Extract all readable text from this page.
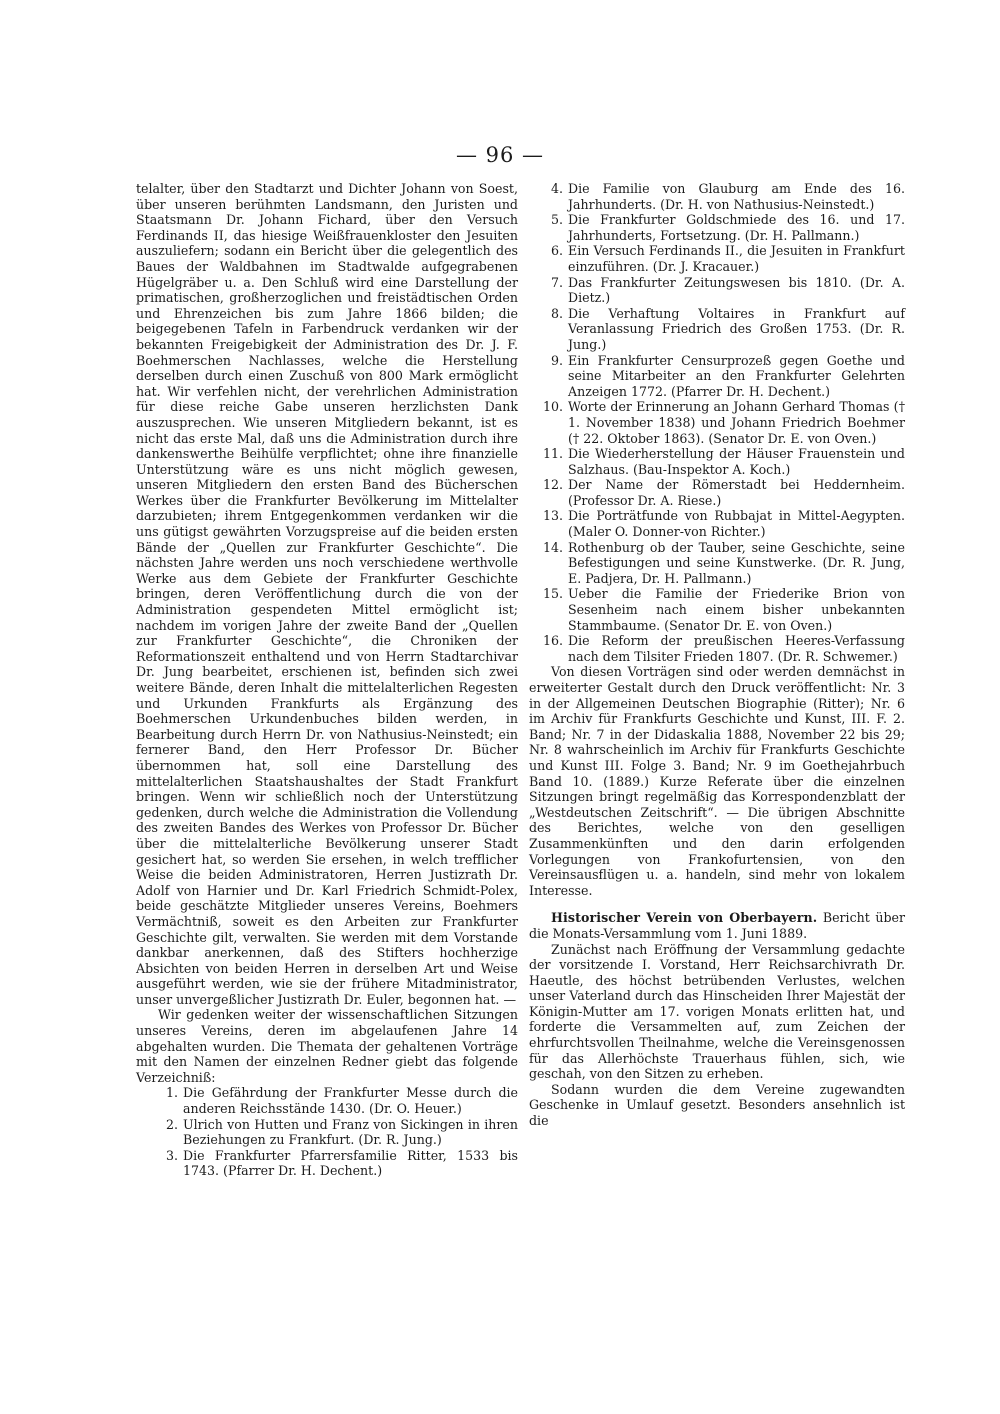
— 96 —

telalter, über den Stadtarzt und Dichter Johann von Soest, über unseren berühmten Landsmann, den Juristen und Staatsmann Dr. Johann Fichard, über den Versuch Ferdinands II, das hiesige Weißfrauenkloster den Jesuiten auszuliefern; sodann ein Bericht über die gelegentlich des Baues der Waldbahnen im Stadtwalde aufgegrabenen Hügelgräber u. a. Den Schluß wird eine Darstellung der primatischen, großherzoglichen und freistädtischen Orden und Ehrenzeichen bis zum Jahre 1866 bilden; die beigegebenen Tafeln in Farbendruck verdanken wir der bekannten Freigebigkeit der Administration des Dr. J. F. Boehmerschen Nachlasses, welche die Herstellung derselben durch einen Zuschuß von 800 Mark ermöglicht hat. Wir verfehlen nicht, der verehrlichen Administration für diese reiche Gabe unseren herzlichsten Dank auszusprechen. Wie unseren Mitgliedern bekannt, ist es nicht das erste Mal, daß uns die Administration durch ihre dankenswerthe Beihülfe verpflichtet; ohne ihre finanzielle Unterstützung wäre es uns nicht möglich gewesen, unseren Mitgliedern den ersten Band des Bücherschen Werkes über die Frankfurter Bevölkerung im Mittelalter darzubieten; ihrem Entgegenkommen verdanken wir die uns gütigst gewährten Vorzugspreise auf die beiden ersten Bände der „Quellen zur Frankfurter Geschichte“. Die nächsten Jahre werden uns noch verschiedene werthvolle Werke aus dem Gebiete der Frankfurter Geschichte bringen, deren Veröffentlichung durch die von der Administration gespendeten Mittel ermöglicht ist; nachdem im vorigen Jahre der zweite Band der „Quellen zur Frankfurter Geschichte“, die Chroniken der Reformationszeit enthaltend und von Herrn Stadtarchivar Dr. Jung bearbeitet, erschienen ist, befinden sich zwei weitere Bände, deren Inhalt die mittelalterlichen Regesten und Urkunden Frankfurts als Ergänzung des Boehmerschen Urkundenbuches bilden werden, in Bearbeitung durch Herrn Dr. von Nathusius-Neinstedt; ein fernerer Band, den Herr Professor Dr. Bücher übernommen hat, soll eine Darstellung des mittelalterlichen Staatshaushaltes der Stadt Frankfurt bringen. Wenn wir schließlich noch der Unterstützung gedenken, durch welche die Administration die Vollendung des zweiten Bandes des Werkes von Professor Dr. Bücher über die mittelalterliche Bevölkerung unserer Stadt gesichert hat, so werden Sie ersehen, in welch trefflicher Weise die beiden Administratoren, Herren Justizrath Dr. Adolf von Harnier und Dr. Karl Friedrich Schmidt-Polex, beide geschätzte Mitglieder unseres Vereins, Boehmers Vermächtniß, soweit es den Arbeiten zur Frankfurter Geschichte gilt, verwalten. Sie werden mit dem Vorstande dankbar anerkennen, daß des Stifters hochherzige Absichten von beiden Herren in derselben Art und Weise ausgeführt werden, wie sie der frühere Mitadministrator, unser unvergeßlicher Justizrath Dr. Euler, begonnen hat. —

Wir gedenken weiter der wissenschaftlichen Sitzungen unseres Vereins, deren im abgelaufenen Jahre 14 abgehalten wurden. Die Themata der gehaltenen Vorträge mit den Namen der einzelnen Redner giebt das folgende Verzeichniß:

1. Die Gefährdung der Frankfurter Messe durch die anderen Reichsstände 1430. (Dr. O. Heuer.)
2. Ulrich von Hutten und Franz von Sickingen in ihren Beziehungen zu Frankfurt. (Dr. R. Jung.)
3. Die Frankfurter Pfarrersfamilie Ritter, 1533 bis 1743. (Pfarrer Dr. H. Dechent.)
4. Die Familie von Glauburg am Ende des 16. Jahrhunderts. (Dr. H. von Nathusius-Neinstedt.)
5. Die Frankfurter Goldschmiede des 16. und 17. Jahrhunderts, Fortsetzung. (Dr. H. Pallmann.)
6. Ein Versuch Ferdinands II., die Jesuiten in Frankfurt einzuführen. (Dr. J. Kracauer.)
7. Das Frankfurter Zeitungswesen bis 1810. (Dr. A. Dietz.)
8. Die Verhaftung Voltaires in Frankfurt auf Veranlassung Friedrich des Großen 1753. (Dr. R. Jung.)
9. Ein Frankfurter Censurprozeß gegen Goethe und seine Mitarbeiter an den Frankfurter Gelehrten Anzeigen 1772. (Pfarrer Dr. H. Dechent.)
10. Worte der Erinnerung an Johann Gerhard Thomas († 1. November 1838) und Johann Friedrich Boehmer († 22. Oktober 1863). (Senator Dr. E. von Oven.)
11. Die Wiederherstellung der Häuser Frauenstein und Salzhaus. (Bau-Inspektor A. Koch.)
12. Der Name der Römerstadt bei Heddernheim. (Professor Dr. A. Riese.)
13. Die Porträtfunde von Rubbajat in Mittel-Aegypten. (Maler O. Donner-von Richter.)
14. Rothenburg ob der Tauber, seine Geschichte, seine Befestigungen und seine Kunstwerke. (Dr. R. Jung, E. Padjera, Dr. H. Pallmann.)
15. Ueber die Familie der Friederike Brion von Sesenheim nach einem bisher unbekannten Stammbaume. (Senator Dr. E. von Oven.)
16. Die Reform der preußischen Heeres-Verfassung nach dem Tilsiter Frieden 1807. (Dr. R. Schwemer.)

Von diesen Vorträgen sind oder werden demnächst in erweiterter Gestalt durch den Druck veröffentlicht: Nr. 3 in der Allgemeinen Deutschen Biographie (Ritter); Nr. 6 im Archiv für Frankfurts Geschichte und Kunst, III. F. 2. Band; Nr. 7 in der Didaskalia 1888, November 22 bis 29; Nr. 8 wahrscheinlich im Archiv für Frankfurts Geschichte und Kunst III. Folge 3. Band; Nr. 9 im Goethejahrbuch Band 10. (1889.) Kurze Referate über die einzelnen Sitzungen bringt regelmäßig das Korrespondenzblatt der „Westdeutschen Zeitschrift“. — Die übrigen Abschnitte des Berichtes, welche von den geselligen Zusammenkünften und den darin erfolgenden Vorlegungen von Frankofurtensien, von den Vereinsausflügen u. a. handeln, sind mehr von lokalem Interesse.

Historischer Verein von Oberbayern. Bericht über die Monats-Versammlung vom 1. Juni 1889.

Zunächst nach Eröffnung der Versammlung gedachte der vorsitzende I. Vorstand, Herr Reichsarchivrath Dr. Haeutle, des höchst betrübenden Verlustes, welchen unser Vaterland durch das Hinscheiden Ihrer Majestät der Königin-Mutter am 17. vorigen Monats erlitten hat, und forderte die Versammelten auf, zum Zeichen der ehrfurchtsvollen Theilnahme, welche die Vereinsgenossen für das Allerhöchste Trauerhaus fühlen, sich, wie geschah, von den Sitzen zu erheben.

Sodann wurden die dem Vereine zugewandten Geschenke in Umlauf gesetzt. Besonders ansehnlich ist die
